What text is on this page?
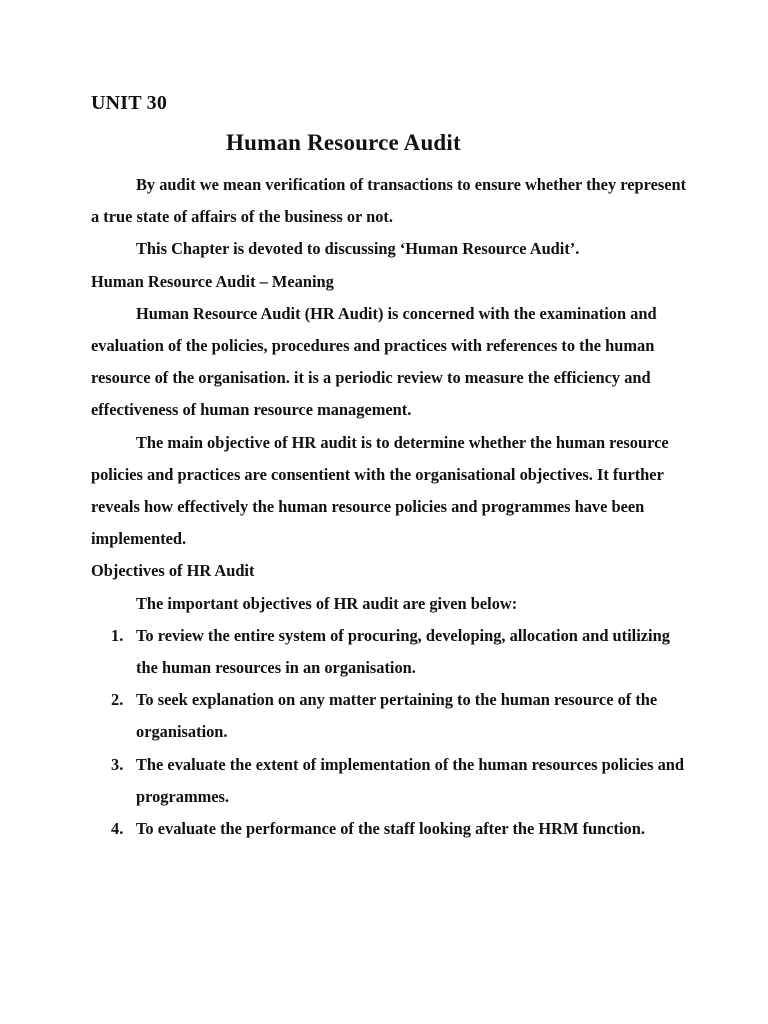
UNIT 30
Human Resource Audit

By audit we mean verification of transactions to ensure whether they represent a true state of affairs of the business or not.

This Chapter is devoted to discussing ‘Human Resource Audit’.

Human Resource Audit – Meaning

Human Resource Audit (HR Audit) is concerned with the examination and evaluation of the policies, procedures and practices with references to the human resource of the organisation. it is a periodic review to measure the efficiency and effectiveness of human resource management.

The main objective of HR audit is to determine whether the human resource policies and practices are consentient with the organisational objectives. It further reveals how effectively the human resource policies and programmes have been implemented.

Objectives of HR Audit

The important objectives of HR audit are given below:

1. To review the entire system of procuring, developing, allocation and utilizing the human resources in an organisation.
2. To seek explanation on any matter pertaining to the human resource of the organisation.
3. The evaluate the extent of implementation of the human resources policies and programmes.
4. To evaluate the performance of the staff looking after the HRM function.
